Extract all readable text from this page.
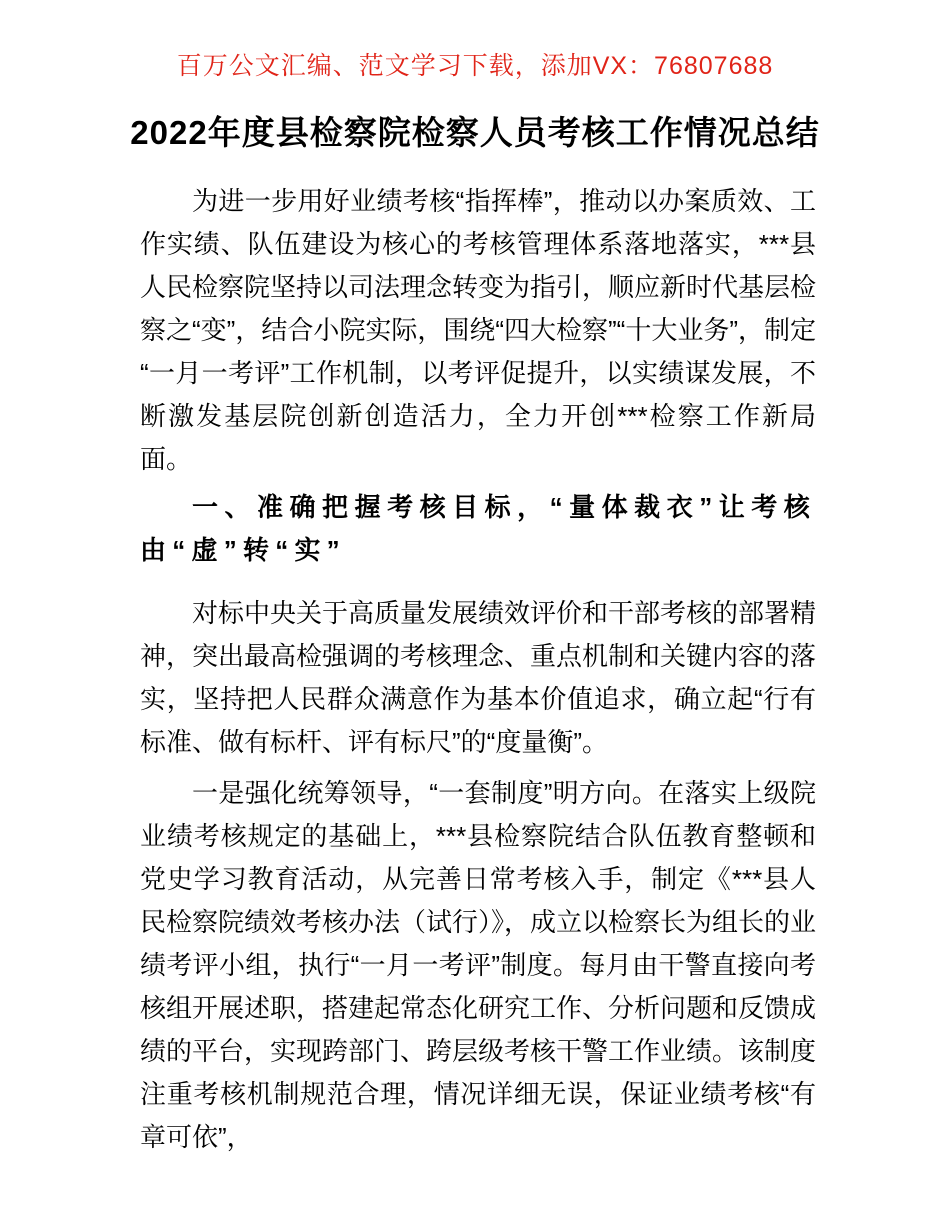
百万公文汇编、范文学习下载，添加VX：76807688
2022年度县检察院检察人员考核工作情况总结

为进一步用好业绩考核“指挥棒”，推动以办案质效、工作实绩、队伍建设为核心的考核管理体系落地落实，***县人民检察院坚持以司法理念转变为指引，顺应新时代基层检察之“变”，结合小院实际，围绕“四大检察”“十大业务”，制定“一月一考评”工作机制，以考评促提升，以实绩谋发展，不断激发基层院创新创造活力，全力开创***检察工作新局面。

一、准确把握考核目标，“量体裁衣”让考核由“虚”转“实”

对标中央关于高质量发展绩效评价和干部考核的部署精神，突出最高检强调的考核理念、重点机制和关键内容的落实，坚持把人民群众满意作为基本价值追求，确立起“行有标准、做有标杆、评有标尺”的“度量衡”。

一是强化统筹领导，“一套制度”明方向。在落实上级院业绩考核规定的基础上，***县检察院结合队伍教育整顿和党史学习教育活动，从完善日常考核入手，制定《***县人民检察院绩效考核办法（试行）》，成立以检察长为组长的业绩考评小组，执行“一月一考评”制度。每月由干警直接向考核组开展述职，搭建起常态化研究工作、分析问题和反馈成绩的平台，实现跨部门、跨层级考核干警工作业绩。该制度注重考核机制规范合理，情况详细无误，保证业绩考核“有章可依”，
